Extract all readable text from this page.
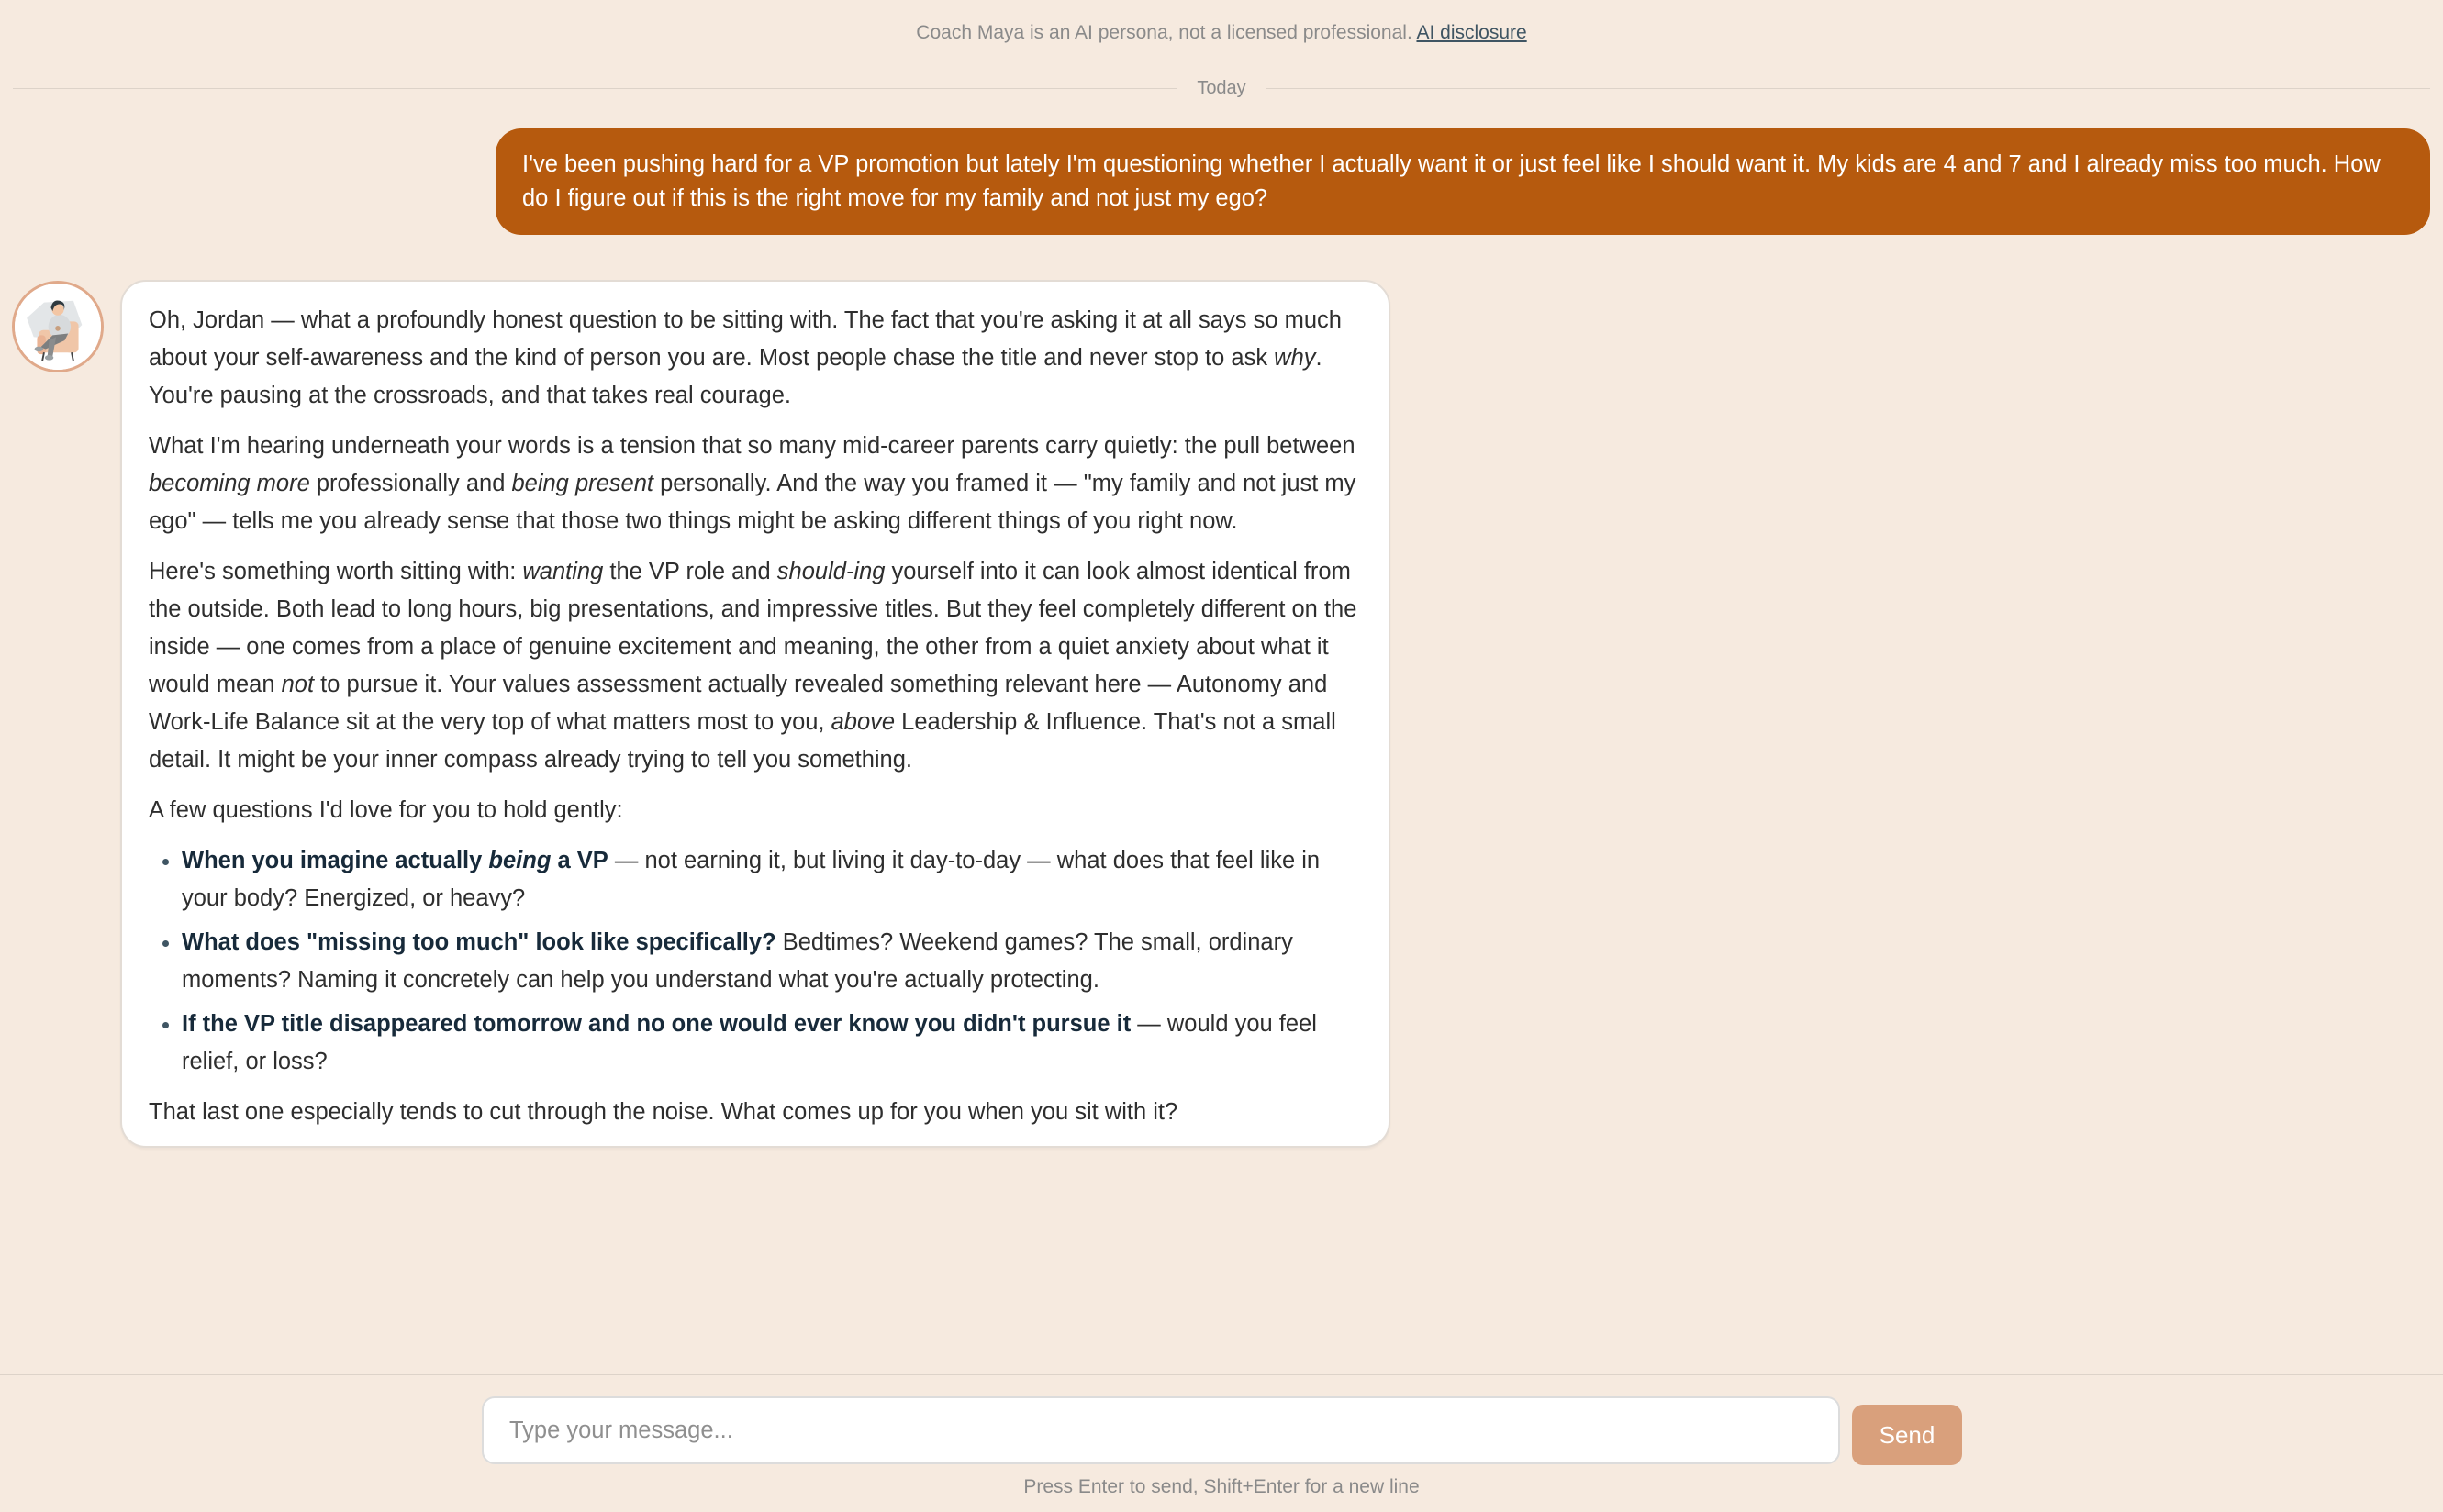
Coach Maya is an AI persona, not a licensed professional. AI disclosure
Today
I've been pushing hard for a VP promotion but lately I'm questioning whether I actually want it or just feel like I should want it. My kids are 4 and 7 and I already miss too much. How do I figure out if this is the right move for my family and not just my ego?

Oh, Jordan — what a profoundly honest question to be sitting with. The fact that you're asking it at all says so much about your self-awareness and the kind of person you are. Most people chase the title and never stop to ask why. You're pausing at the crossroads, and that takes real courage.

What I'm hearing underneath your words is a tension that so many mid-career parents carry quietly: the pull between becoming more professionally and being present personally. And the way you framed it — "my family and not just my ego" — tells me you already sense that those two things might be asking different things of you right now.

Here's something worth sitting with: wanting the VP role and should-ing yourself into it can look almost identical from the outside. Both lead to long hours, big presentations, and impressive titles. But they feel completely different on the inside — one comes from a place of genuine excitement and meaning, the other from a quiet anxiety about what it would mean not to pursue it. Your values assessment actually revealed something relevant here — Autonomy and Work-Life Balance sit at the very top of what matters most to you, above Leadership & Influence. That's not a small detail. It might be your inner compass already trying to tell you something.

A few questions I'd love for you to hold gently:

• When you imagine actually being a VP — not earning it, but living it day-to-day — what does that feel like in your body? Energized, or heavy?
• What does "missing too much" look like specifically? Bedtimes? Weekend games? The small, ordinary moments? Naming it concretely can help you understand what you're actually protecting.
• If the VP title disappeared tomorrow and no one would ever know you didn't pursue it — would you feel relief, or loss?

That last one especially tends to cut through the noise. What comes up for you when you sit with it?

Type your message...
Send
Press Enter to send, Shift+Enter for a new line
